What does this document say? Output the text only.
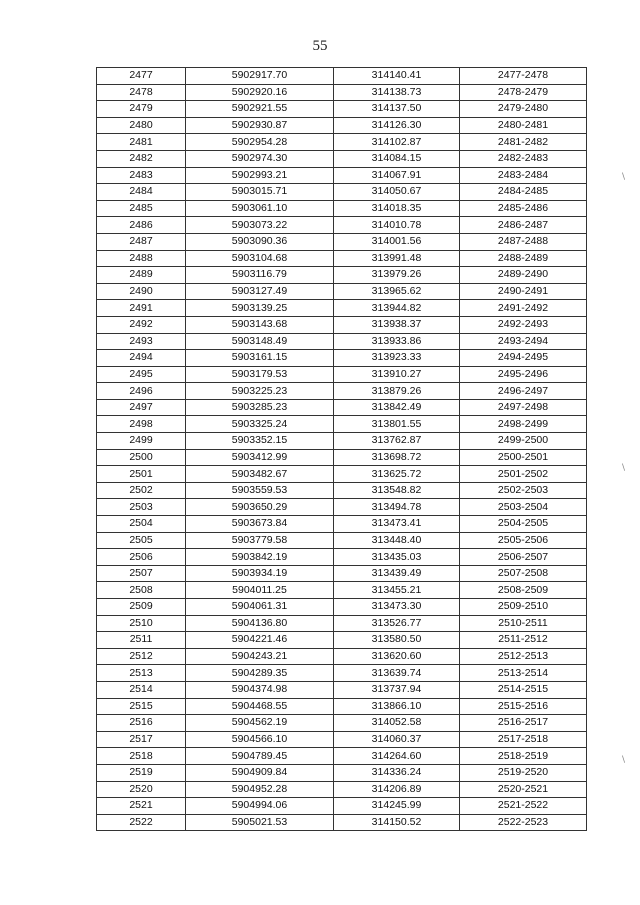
55
2477	5902917.70	314140.41	2477-2478
2478	5902920.16	314138.73	2478-2479
2479	5902921.55	314137.50	2479-2480
2480	5902930.87	314126.30	2480-2481
2481	5902954.28	314102.87	2481-2482
2482	5902974.30	314084.15	2482-2483
2483	5902993.21	314067.91	2483-2484
2484	5903015.71	314050.67	2484-2485
2485	5903061.10	314018.35	2485-2486
2486	5903073.22	314010.78	2486-2487
2487	5903090.36	314001.56	2487-2488
2488	5903104.68	313991.48	2488-2489
2489	5903116.79	313979.26	2489-2490
2490	5903127.49	313965.62	2490-2491
2491	5903139.25	313944.82	2491-2492
2492	5903143.68	313938.37	2492-2493
2493	5903148.49	313933.86	2493-2494
2494	5903161.15	313923.33	2494-2495
2495	5903179.53	313910.27	2495-2496
2496	5903225.23	313879.26	2496-2497
2497	5903285.23	313842.49	2497-2498
2498	5903325.24	313801.55	2498-2499
2499	5903352.15	313762.87	2499-2500
2500	5903412.99	313698.72	2500-2501
2501	5903482.67	313625.72	2501-2502
2502	5903559.53	313548.82	2502-2503
2503	5903650.29	313494.78	2503-2504
2504	5903673.84	313473.41	2504-2505
2505	5903779.58	313448.40	2505-2506
2506	5903842.19	313435.03	2506-2507
2507	5903934.19	313439.49	2507-2508
2508	5904011.25	313455.21	2508-2509
2509	5904061.31	313473.30	2509-2510
2510	5904136.80	313526.77	2510-2511
2511	5904221.46	313580.50	2511-2512
2512	5904243.21	313620.60	2512-2513
2513	5904289.35	313639.74	2513-2514
2514	5904374.98	313737.94	2514-2515
2515	5904468.55	313866.10	2515-2516
2516	5904562.19	314052.58	2516-2517
2517	5904566.10	314060.37	2517-2518
2518	5904789.45	314264.60	2518-2519
2519	5904909.84	314336.24	2519-2520
2520	5904952.28	314206.89	2520-2521
2521	5904994.06	314245.99	2521-2522
2522	5905021.53	314150.52	2522-2523
\
\
\
